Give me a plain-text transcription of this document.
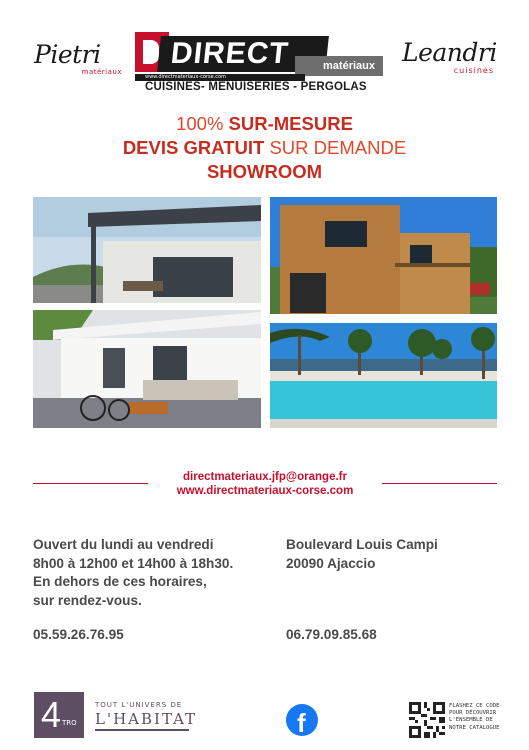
Pietri
matériaux
DIRECT	matériaux
www.directmateriaux-corse.com
CUISINES- MENUISERIES - PERGOLAS
Leandri
cuisines
100% SUR-MESURE
DEVIS GRATUIT SUR DEMANDE
SHOWROOM
directmateriaux.jfp@orange.fr
www.directmateriaux-corse.com
Ouvert du lundi au vendredi
8h00 à 12h00 et 14h00 à 18h30.
En dehors de ces horaires,
sur rendez-vous.
Boulevard Louis Campi
20090 Ajaccio
05.59.26.76.95	06.79.09.85.68
4 TRO
TOUT L'UNIVERS DE
L'HABITAT	f
FLASHEZ CE CODE
POUR DÉCOUVRIR
L'ENSEMBLE DE
NOTRE CATALOGUE
